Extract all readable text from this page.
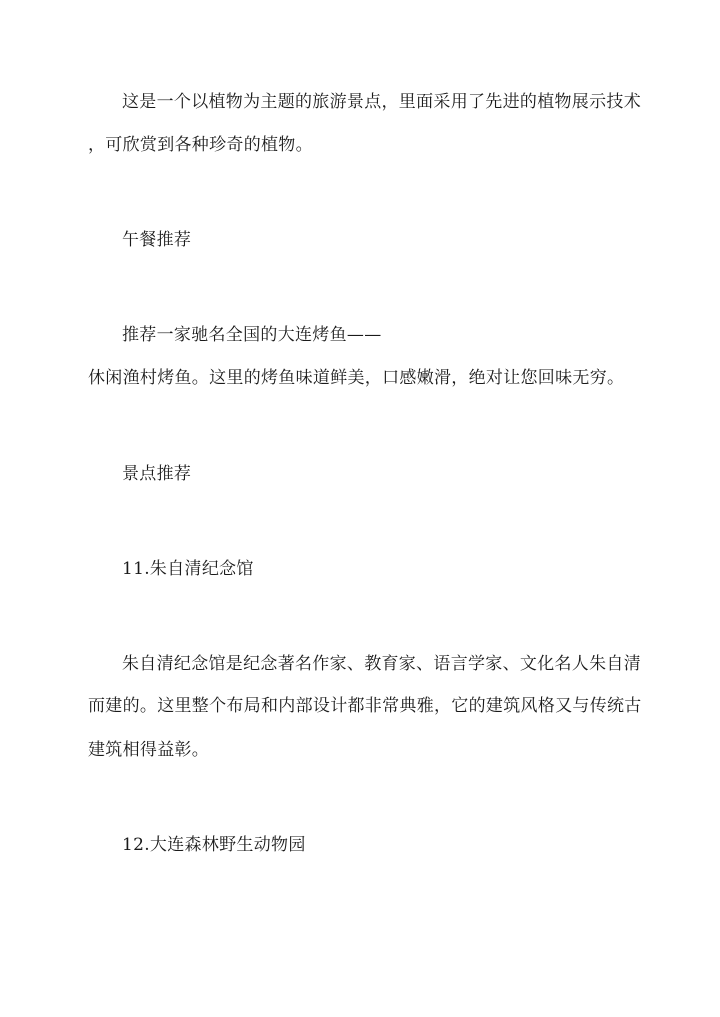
这是一个以植物为主题的旅游景点，里面采用了先进的植物展示技术

，可欣赏到各种珍奇的植物。

午餐推荐

推荐一家驰名全国的大连烤鱼——

休闲渔村烤鱼。这里的烤鱼味道鲜美，口感嫩滑，绝对让您回味无穷。

景点推荐

11.朱自清纪念馆

朱自清纪念馆是纪念著名作家、教育家、语言学家、文化名人朱自清

而建的。这里整个布局和内部设计都非常典雅，它的建筑风格又与传统古

建筑相得益彰。

12.大连森林野生动物园
